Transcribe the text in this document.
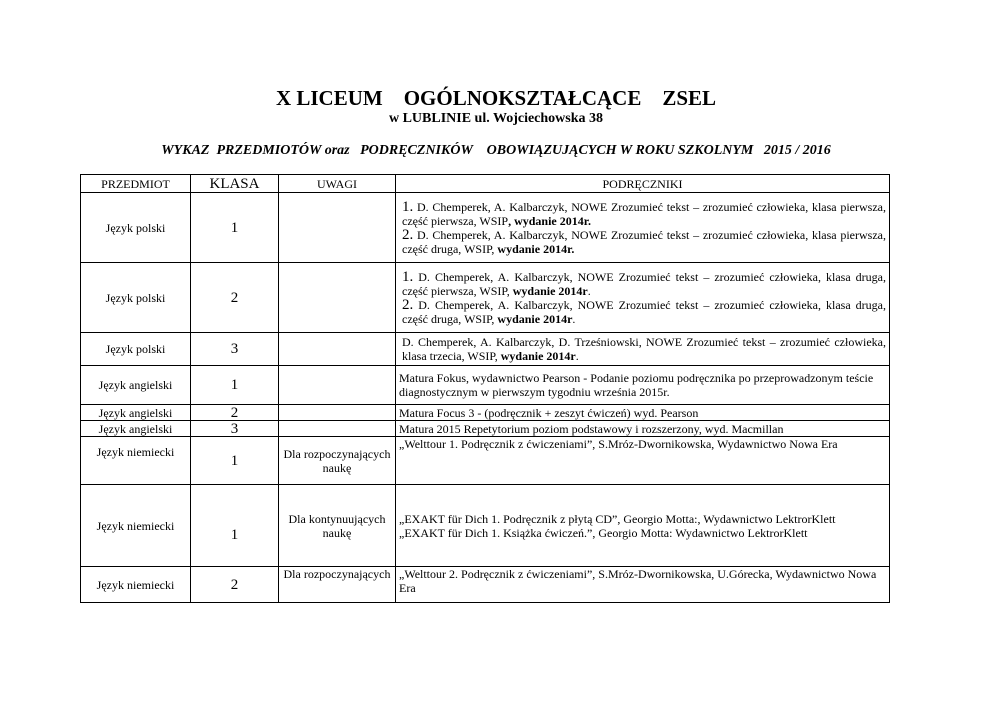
X LICEUM    OGÓLNOKSZTAŁCĄCE    ZSEL
w LUBLINIE ul. Wojciechowska 38
WYKAZ  PRZEDMIOTÓW oraz   PODRĘCZNIKÓW    OBOWIĄZUJĄCYCH W ROKU SZKOLNYM   2015 / 2016
PRZEDMIOT	KLASA	UWAGI	PODRĘCZNIKI
Język polski	1		1. D. Chemperek, A. Kalbarczyk, NOWE Zrozumieć tekst – zrozumieć człowieka, klasa pierwsza, część pierwsza, WSIP, wydanie 2014r.
2. D. Chemperek, A. Kalbarczyk, NOWE Zrozumieć tekst – zrozumieć człowieka, klasa pierwsza, część druga, WSIP, wydanie 2014r.

Język polski	2		1. D. Chemperek, A. Kalbarczyk, NOWE Zrozumieć tekst – zrozumieć człowieka, klasa druga, część pierwsza, WSIP, wydanie 2014r.
2. D. Chemperek, A. Kalbarczyk, NOWE Zrozumieć tekst – zrozumieć człowieka, klasa druga, część druga, WSIP, wydanie 2014r.

Język polski	3		D. Chemperek, A. Kalbarczyk, D. Trześniowski, NOWE Zrozumieć tekst – zrozumieć człowieka, klasa trzecia, WSIP, wydanie 2014r.
Język angielski	1		Matura Fokus, wydawnictwo Pearson - Podanie poziomu podręcznika po przeprowadzonym teście diagnostycznym w pierwszym tygodniu września 2015r.
Język angielski	2		Matura Focus 3 - (podręcznik + zeszyt ćwiczeń) wyd. Pearson
Język angielski	3		Matura 2015 Repetytorium poziom podstawowy i rozszerzony, wyd. Macmillan
Język niemiecki	1	Dla rozpoczynających naukę	„Welttour 1. Podręcznik z ćwiczeniami”, S.Mróz-Dwornikowska, Wydawnictwo Nowa Era
Język niemiecki	1	Dla kontynuujących naukę	„EXAKT für Dich 1. Podręcznik z płytą CD”, Georgio Motta:, Wydawnictwo LektrorKlett
„EXAKT für Dich 1. Książka ćwiczeń.”, Georgio Motta: Wydawnictwo LektrorKlett

Język niemiecki	2	Dla rozpoczynających	„Welttour 2. Podręcznik z ćwiczeniami”, S.Mróz-Dwornikowska, U.Górecka, Wydawnictwo Nowa Era
